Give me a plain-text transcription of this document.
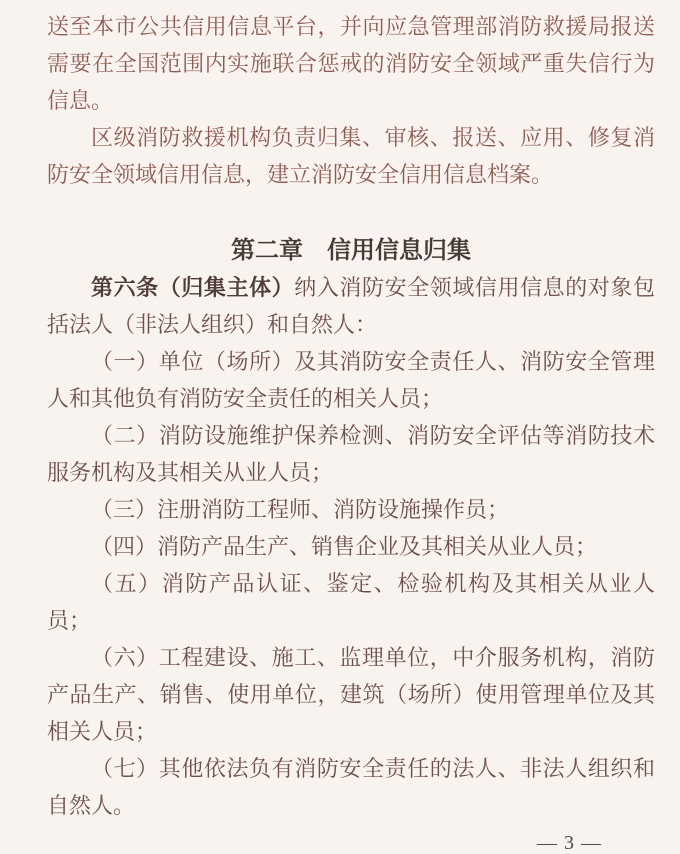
送至本市公共信用信息平台，并向应急管理部消防救援局报送需要在全国范围内实施联合惩戒的消防安全领域严重失信行为信息。

区级消防救援机构负责归集、审核、报送、应用、修复消防安全领域信用信息，建立消防安全信用信息档案。

第二章　信用信息归集

第六条（归集主体）纳入消防安全领域信用信息的对象包括法人（非法人组织）和自然人：

（一）单位（场所）及其消防安全责任人、消防安全管理人和其他负有消防安全责任的相关人员；

（二）消防设施维护保养检测、消防安全评估等消防技术服务机构及其相关从业人员；

（三）注册消防工程师、消防设施操作员；

（四）消防产品生产、销售企业及其相关从业人员；

（五）消防产品认证、鉴定、检验机构及其相关从业人员；

（六）工程建设、施工、监理单位，中介服务机构，消防产品生产、销售、使用单位，建筑（场所）使用管理单位及其相关人员；

（七）其他依法负有消防安全责任的法人、非法人组织和自然人。

— 3 —
